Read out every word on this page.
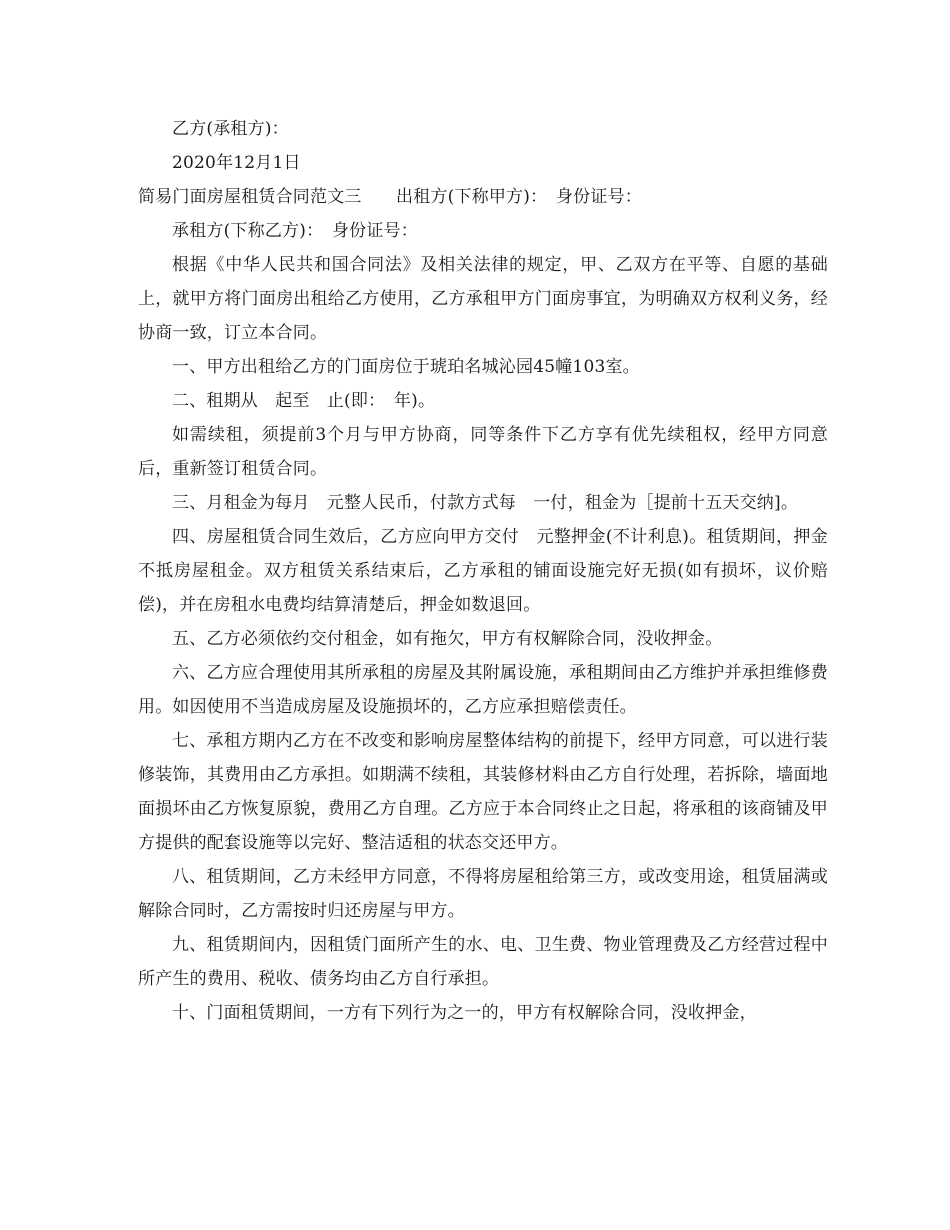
乙方(承租方)：

2020年12月1日

简易门面房屋租赁合同范文三　　出租方(下称甲方)：　身份证号：

承租方(下称乙方)：　身份证号：

根据《中华人民共和国合同法》及相关法律的规定，甲、乙双方在平等、自愿的基础上，就甲方将门面房出租给乙方使用，乙方承租甲方门面房事宜，为明确双方权利义务，经协商一致，订立本合同。

一、甲方出租给乙方的门面房位于琥珀名城沁园45幢103室。

二、租期从　起至　止(即：　年)。

如需续租，须提前3个月与甲方协商，同等条件下乙方享有优先续租权，经甲方同意后，重新签订租赁合同。

三、月租金为每月　元整人民币，付款方式每　一付，租金为［提前十五天交纳]。

四、房屋租赁合同生效后，乙方应向甲方交付　元整押金(不计利息)。租赁期间，押金不抵房屋租金。双方租赁关系结束后，乙方承租的铺面设施完好无损(如有损坏，议价赔偿)，并在房租水电费均结算清楚后，押金如数退回。

五、乙方必须依约交付租金，如有拖欠，甲方有权解除合同，没收押金。

六、乙方应合理使用其所承租的房屋及其附属设施，承租期间由乙方维护并承担维修费用。如因使用不当造成房屋及设施损坏的，乙方应承担赔偿责任。

七、承租方期内乙方在不改变和影响房屋整体结构的前提下，经甲方同意，可以进行装修装饰，其费用由乙方承担。如期满不续租，其装修材料由乙方自行处理，若拆除，墙面地面损坏由乙方恢复原貌，费用乙方自理。乙方应于本合同终止之日起，将承租的该商铺及甲方提供的配套设施等以完好、整洁适租的状态交还甲方。

八、租赁期间，乙方未经甲方同意，不得将房屋租给第三方，或改变用途，租赁届满或解除合同时，乙方需按时归还房屋与甲方。

九、租赁期间内，因租赁门面所产生的水、电、卫生费、物业管理费及乙方经营过程中所产生的费用、税收、债务均由乙方自行承担。

十、门面租赁期间，一方有下列行为之一的，甲方有权解除合同，没收押金，
